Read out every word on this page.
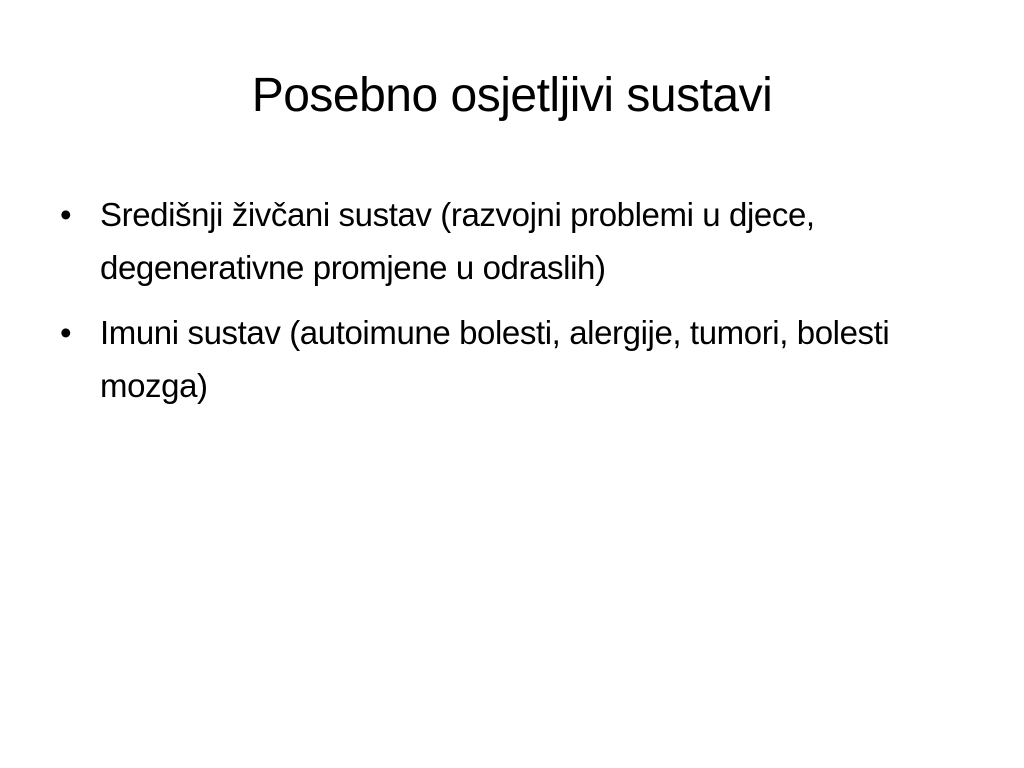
Posebno osjetljivi sustavi
• Središnji živčani sustav (razvojni problemi u djece, degenerativne promjene u odraslih)
• Imuni sustav (autoimune bolesti, alergije, tumori, bolesti mozga)
